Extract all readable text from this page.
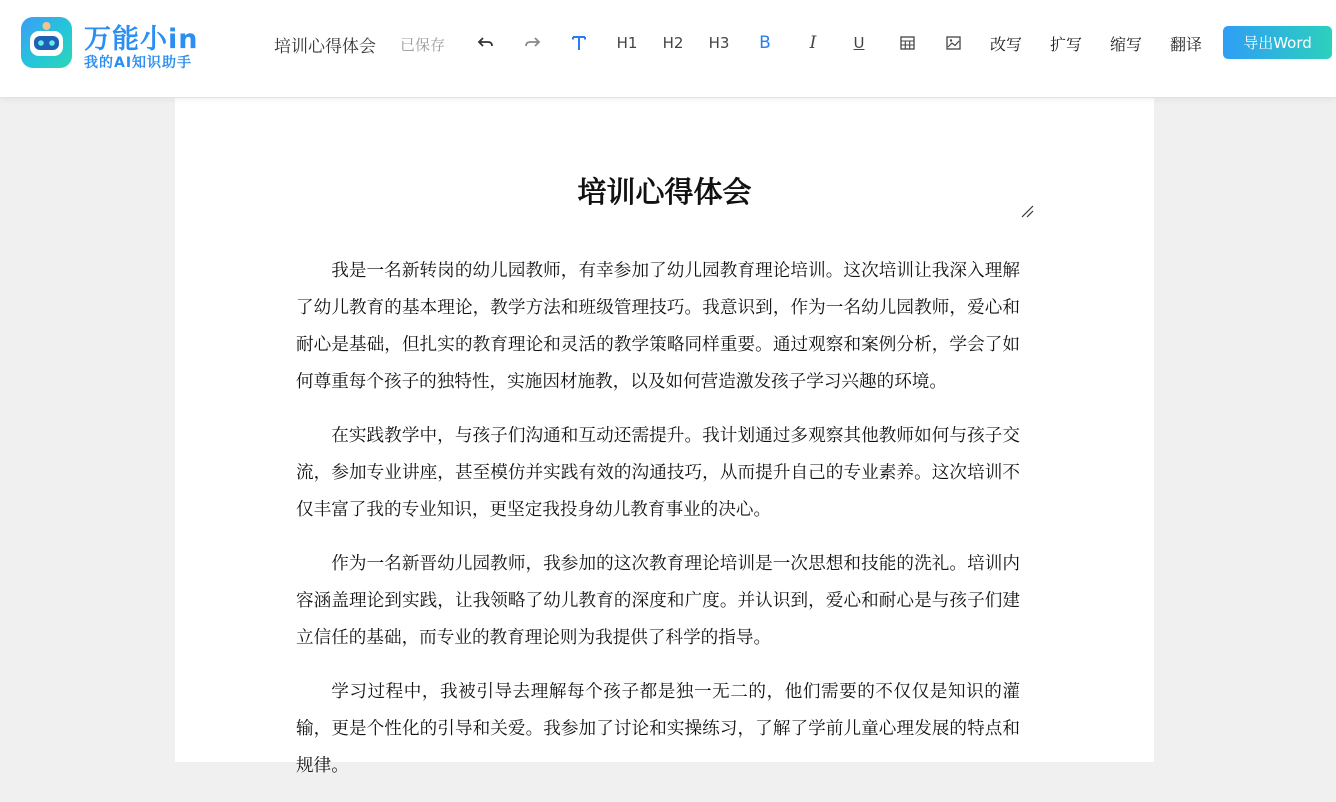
万能小in
我的AI知识助手
培训心得体会 已保存	H1 H2 H3	B	I	U	改写 扩写 缩写 翻译	导出Word
培训心得体会

我是一名新转岗的幼儿园教师，有幸参加了幼儿园教育理论培训。这次培训让我深入理解了幼儿教育的基本理论，教学方法和班级管理技巧。我意识到，作为一名幼儿园教师，爱心和耐心是基础，但扎实的教育理论和灵活的教学策略同样重要。通过观察和案例分析，学会了如何尊重每个孩子的独特性，实施因材施教，以及如何营造激发孩子学习兴趣的环境。

在实践教学中，与孩子们沟通和互动还需提升。我计划通过多观察其他教师如何与孩子交流，参加专业讲座，甚至模仿并实践有效的沟通技巧，从而提升自己的专业素养。这次培训不仅丰富了我的专业知识，更坚定我投身幼儿教育事业的决心。

作为一名新晋幼儿园教师，我参加的这次教育理论培训是一次思想和技能的洗礼。培训内容涵盖理论到实践，让我领略了幼儿教育的深度和广度。并认识到，爱心和耐心是与孩子们建立信任的基础，而专业的教育理论则为我提供了科学的指导。

学习过程中，我被引导去理解每个孩子都是独一无二的，他们需要的不仅仅是知识的灌输，更是个性化的引导和关爱。我参加了讨论和实操练习，了解了学前儿童心理发展的特点和规律。
